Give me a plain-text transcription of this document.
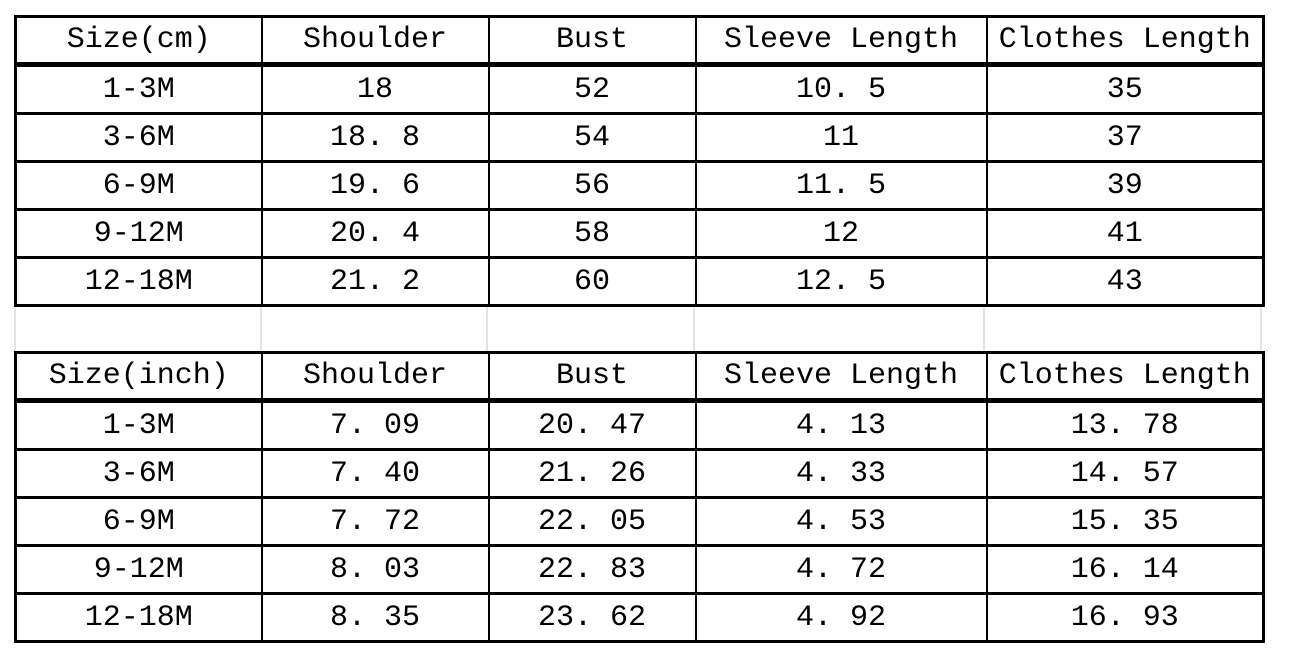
Size(cm)	Shoulder	Bust	Sleeve Length	Clothes Length
1-3M	18	52	10. 5	35
3-6M	18. 8	54	11	37
6-9M	19. 6	56	11. 5	39
9-12M	20. 4	58	12	41
12-18M	21. 2	60	12. 5	43
Size(inch)	Shoulder	Bust	Sleeve Length	Clothes Length
1-3M	7. 09	20. 47	4. 13	13. 78
3-6M	7. 40	21. 26	4. 33	14. 57
6-9M	7. 72	22. 05	4. 53	15. 35
9-12M	8. 03	22. 83	4. 72	16. 14
12-18M	8. 35	23. 62	4. 92	16. 93
